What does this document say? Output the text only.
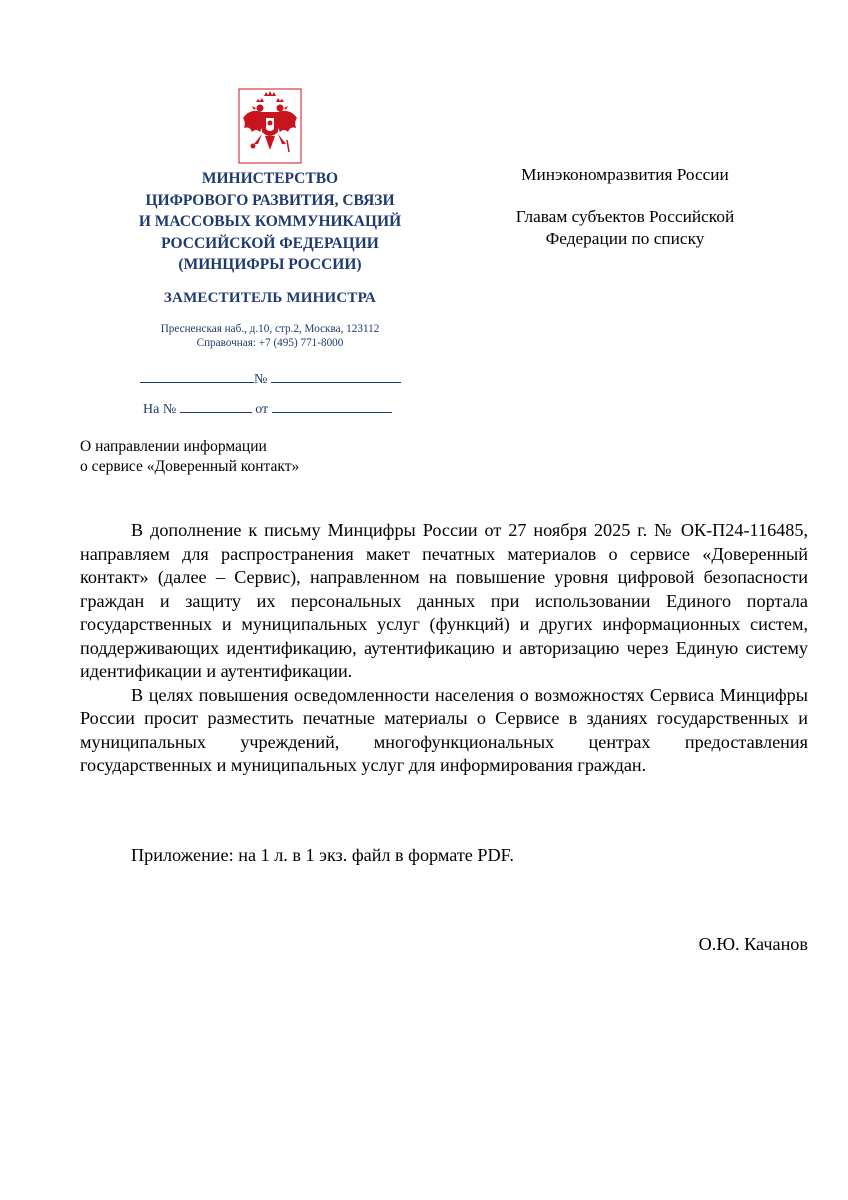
МИНИСТЕРСТВО
ЦИФРОВОГО РАЗВИТИЯ, СВЯЗИ
И МАССОВЫХ КОММУНИКАЦИЙ
РОССИЙСКОЙ ФЕДЕРАЦИИ
(МИНЦИФРЫ РОССИИ)
ЗАМЕСТИТЕЛЬ МИНИСТРА
Пресненская наб., д.10, стр.2, Москва, 123112
Справочная: +7 (495) 771-8000
№
На №	от
Минэкономразвития России
Главам субъектов Российской
Федерации по списку
О направлении информации
о сервисе «Доверенный контакт»

В дополнение к письму Минцифры России от 27 ноября 2025 г. № ОК-П24-116485, направляем для распространения макет печатных материалов о сервисе «Доверенный контакт» (далее – Сервис), направленном на повышение уровня цифровой безопасности граждан и защиту их персональных данных при использовании Единого портала государственных и муниципальных услуг (функций) и других информационных систем, поддерживающих идентификацию, аутентификацию и авторизацию через Единую систему идентификации и аутентификации.

В целях повышения осведомленности населения о возможностях Сервиса Минцифры России просит разместить печатные материалы о Сервисе в зданиях государственных и муниципальных учреждений, многофункциональных центрах предоставления государственных и муниципальных услуг для информирования граждан.

Приложение: на 1 л. в 1 экз. файл в формате PDF.
О.Ю. Качанов
